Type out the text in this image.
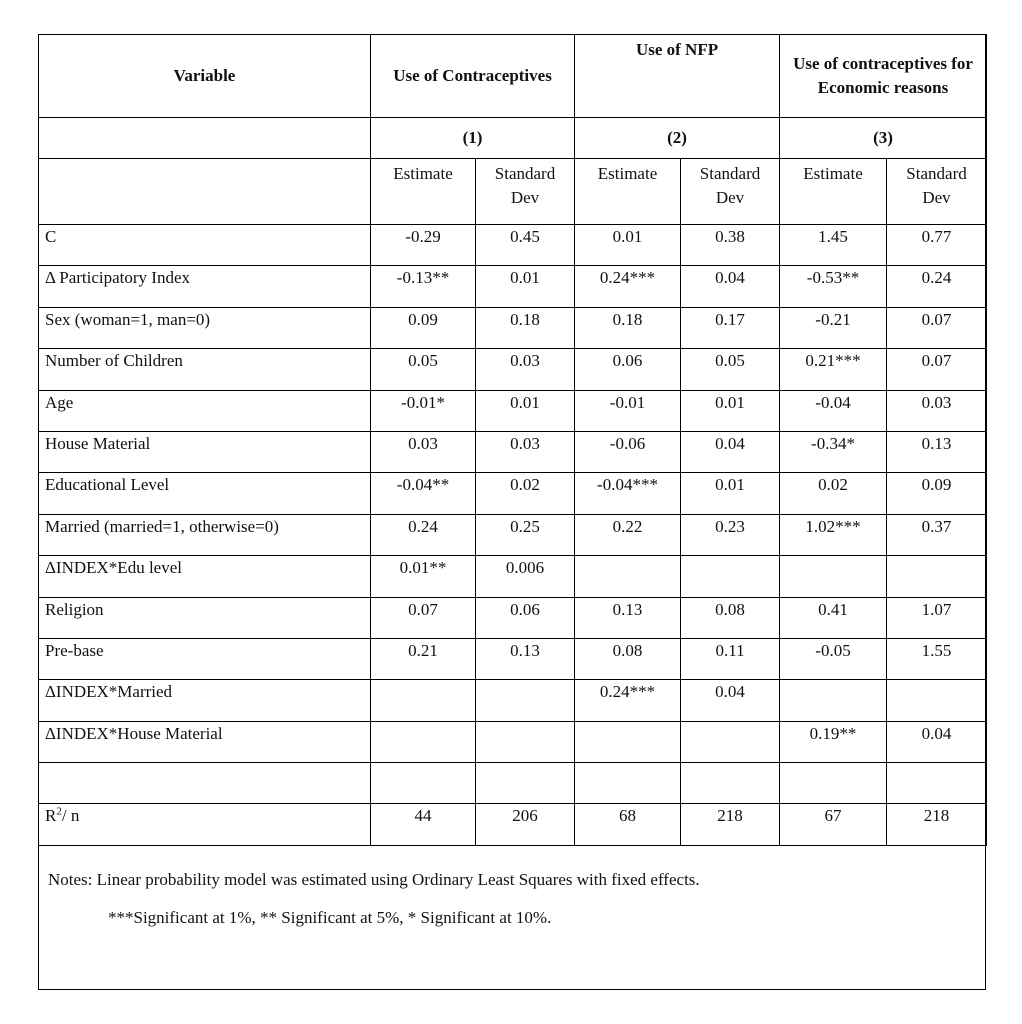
Variable	Use of Contraceptives		Use of NFP		Use of contraceptives for Economic reasons	
	(1)		(2)		(3)	
	Estimate	Standard Dev	Estimate	Standard Dev	Estimate	Standard Dev
C	-0.29	0.45	0.01	0.38	1.45	0.77
Δ Participatory Index	-0.13**	0.01	0.24***	0.04	-0.53**	0.24
Sex (woman=1, man=0)	0.09	0.18	0.18	0.17	-0.21	0.07
Number of Children	0.05	0.03	0.06	0.05	0.21***	0.07
Age	-0.01*	0.01	-0.01	0.01	-0.04	0.03
House Material	0.03	0.03	-0.06	0.04	-0.34*	0.13
Educational Level	-0.04**	0.02	-0.04***	0.01	0.02	0.09
Married (married=1, otherwise=0)	0.24	0.25	0.22	0.23	1.02***	0.37
ΔINDEX*Edu level	0.01**	0.006				
Religion	0.07	0.06	0.13	0.08	0.41	1.07
Pre-base	0.21	0.13	0.08	0.11	-0.05	1.55
ΔINDEX*Married			0.24***	0.04		
ΔINDEX*House Material					0.19**	0.04

$R^2/$ n	44	206	68	218	67	218

Notes: Linear probability model was estimated using Ordinary Least Squares with fixed effects.

***Significant at 1%, ** Significant at 5%, * Significant at 10%.
